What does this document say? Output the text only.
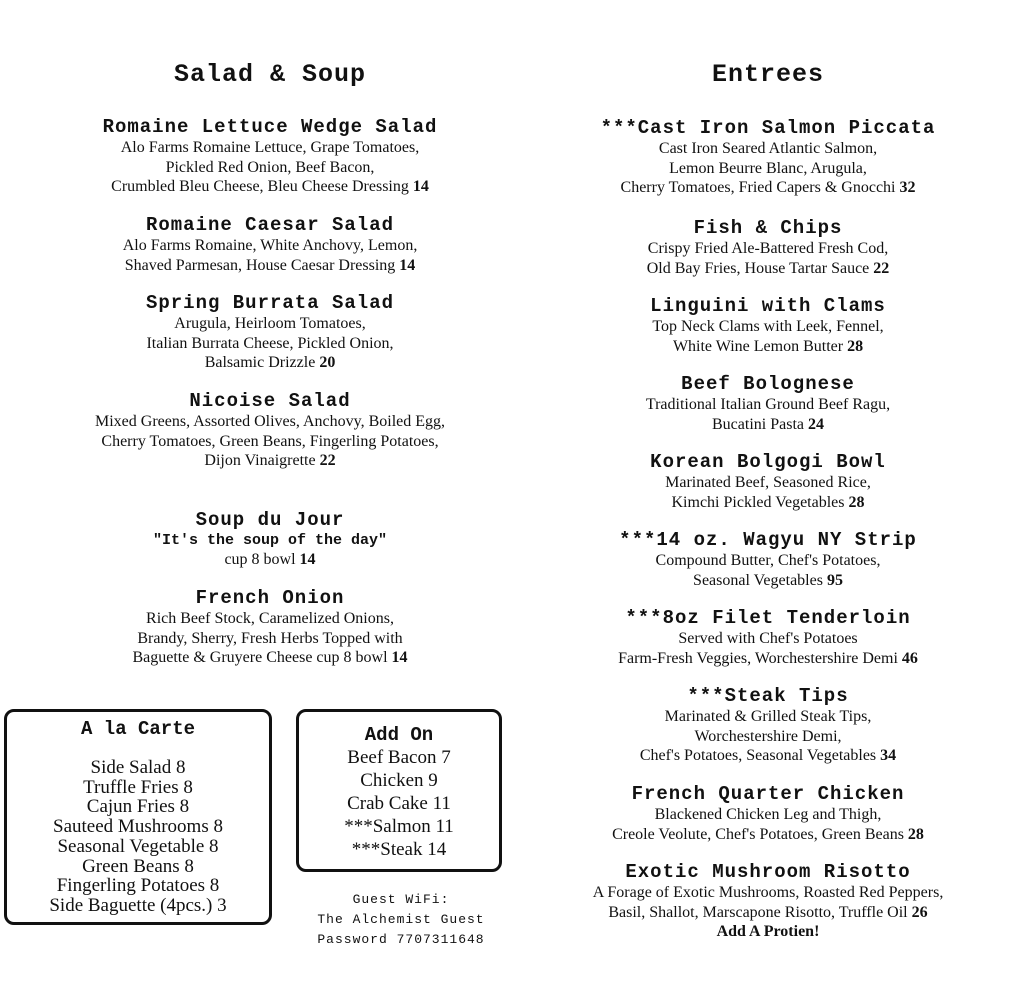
Salad & Soup
Romaine Lettuce Wedge Salad
Alo Farms Romaine Lettuce, Grape Tomatoes,
Pickled Red Onion, Beef Bacon,
Crumbled Bleu Cheese, Bleu Cheese Dressing 14
Romaine Caesar Salad
Alo Farms Romaine, White Anchovy, Lemon,
Shaved Parmesan, House Caesar Dressing 14
Spring Burrata Salad
Arugula, Heirloom Tomatoes,
Italian Burrata Cheese, Pickled Onion,
Balsamic Drizzle 20
Nicoise Salad
Mixed Greens, Assorted Olives, Anchovy, Boiled Egg,
Cherry Tomatoes, Green Beans, Fingerling Potatoes,
Dijon Vinaigrette 22
Soup du Jour
"It's the soup of the day"
cup 8 bowl 14
French Onion
Rich Beef Stock, Caramelized Onions,
Brandy, Sherry, Fresh Herbs Topped with
Baguette & Gruyere Cheese cup 8 bowl 14
Entrees
***Cast Iron Salmon Piccata
Cast Iron Seared Atlantic Salmon,
Lemon Beurre Blanc, Arugula,
Cherry Tomatoes, Fried Capers & Gnocchi 32
Fish & Chips
Crispy Fried Ale-Battered Fresh Cod,
Old Bay Fries, House Tartar Sauce 22
Linguini with Clams
Top Neck Clams with Leek, Fennel,
White Wine Lemon Butter 28
Beef Bolognese
Traditional Italian Ground Beef Ragu,
Bucatini Pasta 24
Korean Bolgogi Bowl
Marinated Beef, Seasoned Rice,
Kimchi Pickled Vegetables 28
***14 oz. Wagyu NY Strip
Compound Butter, Chef's Potatoes,
Seasonal Vegetables 95
***8oz Filet Tenderloin
Served with Chef's Potatoes
Farm-Fresh Veggies, Worchestershire Demi 46
***Steak Tips
Marinated & Grilled Steak Tips,
Worchestershire Demi,
Chef's Potatoes, Seasonal Vegetables 34
French Quarter Chicken
Blackened Chicken Leg and Thigh,
Creole Veolute, Chef's Potatoes, Green Beans 28
Exotic Mushroom Risotto
A Forage of Exotic Mushrooms, Roasted Red Peppers,
Basil, Shallot, Marscapone Risotto, Truffle Oil 26
Add A Protien!
A la Carte
Side Salad 8
Truffle Fries 8
Cajun Fries 8
Sauteed Mushrooms 8
Seasonal Vegetable 8
Green Beans 8
Fingerling Potatoes 8
Side Baguette (4pcs.) 3
Add On
Beef Bacon 7
Chicken 9
Crab Cake 11
***Salmon 11
***Steak 14
Guest WiFi:
The Alchemist Guest
Password 7707311648
